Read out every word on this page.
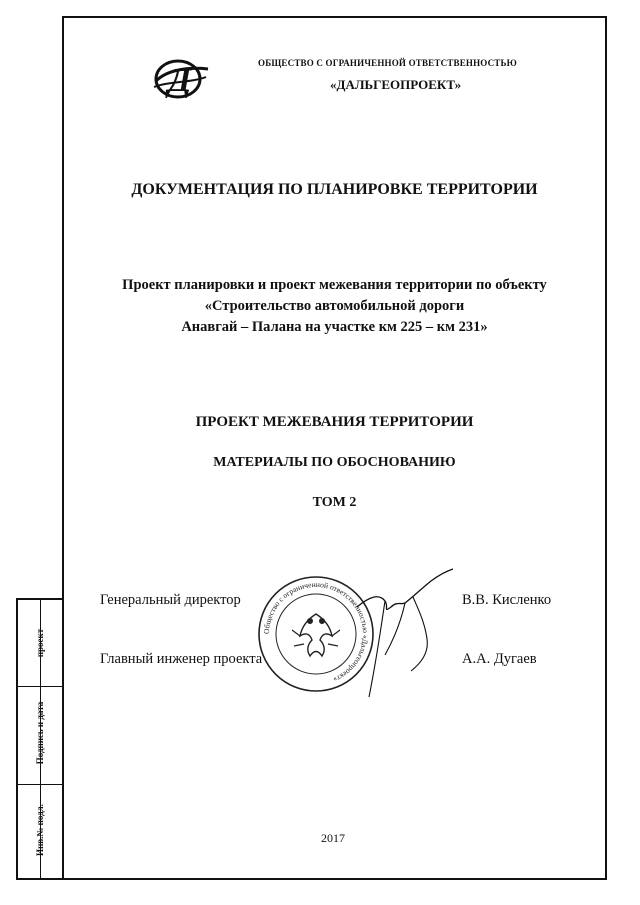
Инв.№ подл.
Подпись и дата
проект
Д	ОБЩЕСТВО С ОГРАНИЧЕННОЙ ОТВЕТСТВЕННОСТЬЮ
«ДАЛЬГЕОПРОЕКТ»
ДОКУМЕНТАЦИЯ ПО ПЛАНИРОВКЕ ТЕРРИТОРИИ
Проект планировки и проект межевания территории по объекту
«Строительство автомобильной дороги
Анавгай – Палана на участке км 225 – км 231»
ПРОЕКТ МЕЖЕВАНИЯ ТЕРРИТОРИИ
МАТЕРИАЛЫ ПО ОБОСНОВАНИЮ
ТОМ 2
Общество с ограниченной ответственностью «Дальгеопроект»
Генеральный директор	В.В. Кисленко
Главный инженер проекта	А.А. Дугаев
2017
